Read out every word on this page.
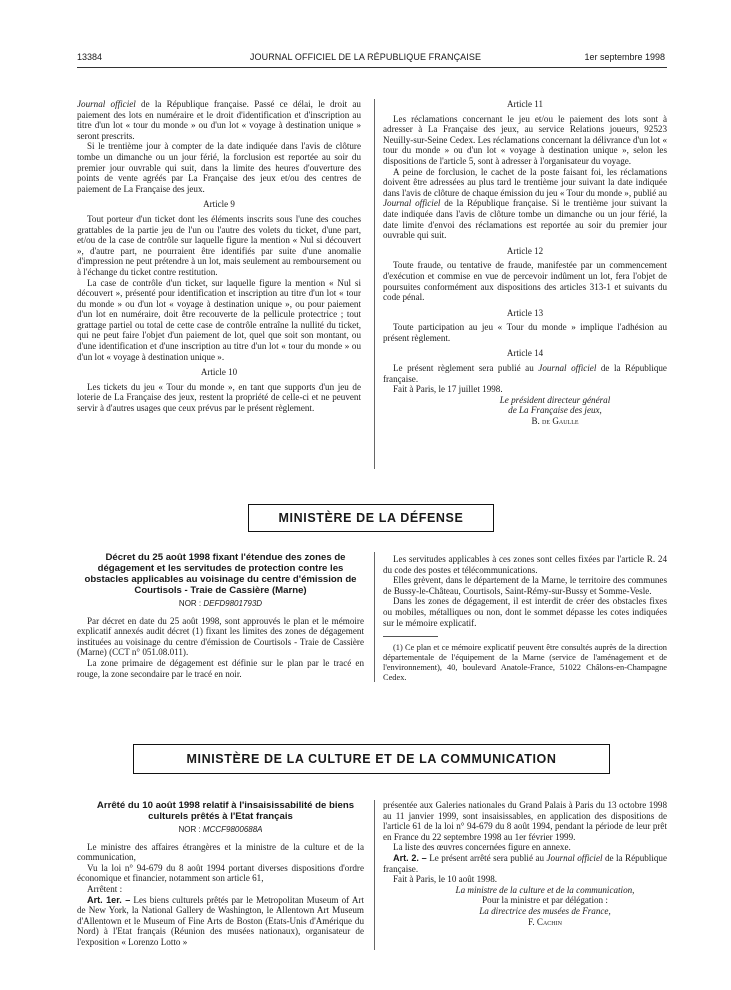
13384	JOURNAL OFFICIEL DE LA RÉPUBLIQUE FRANÇAISE	1er septembre 1998

Journal officiel de la République française. Passé ce délai, le droit au paiement des lots en numéraire et le droit d'identification et d'inscription au titre d'un lot « tour du monde » ou d'un lot « voyage à destination unique » seront prescrits.

Si le trentième jour à compter de la date indiquée dans l'avis de clôture tombe un dimanche ou un jour férié, la forclusion est reportée au soir du premier jour ouvrable qui suit, dans la limite des heures d'ouverture des points de vente agréés par La Française des jeux et/ou des centres de paiement de La Française des jeux.

Article 9

Tout porteur d'un ticket dont les éléments inscrits sous l'une des couches grattables de la partie jeu de l'un ou l'autre des volets du ticket, d'une part, et/ou de la case de contrôle sur laquelle figure la mention « Nul si découvert », d'autre part, ne pourraient être identifiés par suite d'une anomalie d'impression ne peut prétendre à un lot, mais seulement au remboursement ou à l'échange du ticket contre restitution.

La case de contrôle d'un ticket, sur laquelle figure la mention « Nul si découvert », présenté pour identification et inscription au titre d'un lot « tour du monde » ou d'un lot « voyage à destination unique », ou pour paiement d'un lot en numéraire, doit être recouverte de la pellicule protectrice ; tout grattage partiel ou total de cette case de contrôle entraîne la nullité du ticket, qui ne peut faire l'objet d'un paiement de lot, quel que soit son montant, ou d'une identification et d'une inscription au titre d'un lot « tour du monde » ou d'un lot « voyage à destination unique ».

Article 10

Les tickets du jeu « Tour du monde », en tant que supports d'un jeu de loterie de La Française des jeux, restent la propriété de celle-ci et ne peuvent servir à d'autres usages que ceux prévus par le présent règlement.

Article 11

Les réclamations concernant le jeu et/ou le paiement des lots sont à adresser à La Française des jeux, au service Relations joueurs, 92523 Neuilly-sur-Seine Cedex. Les réclamations concernant la délivrance d'un lot « tour du monde » ou d'un lot « voyage à destination unique », selon les dispositions de l'article 5, sont à adresser à l'organisateur du voyage.

A peine de forclusion, le cachet de la poste faisant foi, les réclamations doivent être adressées au plus tard le trentième jour suivant la date indiquée dans l'avis de clôture de chaque émission du jeu « Tour du monde », publié au Journal officiel de la République française. Si le trentième jour suivant la date indiquée dans l'avis de clôture tombe un dimanche ou un jour férié, la date limite d'envoi des réclamations est reportée au soir du premier jour ouvrable qui suit.

Article 12

Toute fraude, ou tentative de fraude, manifestée par un commencement d'exécution et commise en vue de percevoir indûment un lot, fera l'objet de poursuites conformément aux dispositions des articles 313-1 et suivants du code pénal.

Article 13

Toute participation au jeu « Tour du monde » implique l'adhésion au présent règlement.

Article 14

Le présent règlement sera publié au Journal officiel de la République française.

Fait à Paris, le 17 juillet 1998.

Le président directeur général
de La Française des jeux,
B. de Gaulle
MINISTÈRE DE LA DÉFENSE

Décret du 25 août 1998 fixant l'étendue des zones de dégagement et les servitudes de protection contre les obstacles applicables au voisinage du centre d'émission de Courtisols - Traie de Cassière (Marne)

NOR : DEFD9801793D

Par décret en date du 25 août 1998, sont approuvés le plan et le mémoire explicatif annexés audit décret (1) fixant les limites des zones de dégagement instituées au voisinage du centre d'émission de Courtisols - Traie de Cassière (Marne) (CCT n° 051.08.011).

La zone primaire de dégagement est définie sur le plan par le tracé en rouge, la zone secondaire par le tracé en noir.

Les servitudes applicables à ces zones sont celles fixées par l'article R. 24 du code des postes et télécommunications.

Elles grèvent, dans le département de la Marne, le territoire des communes de Bussy-le-Château, Courtisols, Saint-Rémy-sur-Bussy et Somme-Vesle.

Dans les zones de dégagement, il est interdit de créer des obstacles fixes ou mobiles, métalliques ou non, dont le sommet dépasse les cotes indiquées sur le mémoire explicatif.

(1) Ce plan et ce mémoire explicatif peuvent être consultés auprès de la direction départementale de l'équipement de la Marne (service de l'aménagement et de l'environnement), 40, boulevard Anatole-France, 51022 Châlons-en-Champagne Cedex.

MINISTÈRE DE LA CULTURE ET DE LA COMMUNICATION

Arrêté du 10 août 1998 relatif à l'insaisissabilité de biens culturels prêtés à l'Etat français

NOR : MCCF9800688A

Le ministre des affaires étrangères et la ministre de la culture et de la communication,

Vu la loi n° 94-679 du 8 août 1994 portant diverses dispositions d'ordre économique et financier, notamment son article 61,

Arrêtent :

Art. 1er. – Les biens culturels prêtés par le Metropolitan Museum of Art de New York, la National Gallery de Washington, le Allentown Art Museum d'Allentown et le Museum of Fine Arts de Boston (Etats-Unis d'Amérique du Nord) à l'Etat français (Réunion des musées nationaux), organisateur de l'exposition « Lorenzo Lotto »

présentée aux Galeries nationales du Grand Palais à Paris du 13 octobre 1998 au 11 janvier 1999, sont insaisissables, en application des dispositions de l'article 61 de la loi n° 94-679 du 8 août 1994, pendant la période de leur prêt en France du 22 septembre 1998 au 1er février 1999.

La liste des œuvres concernées figure en annexe.

Art. 2. – Le présent arrêté sera publié au Journal officiel de la République française.

Fait à Paris, le 10 août 1998.

La ministre de la culture et de la communication,
Pour la ministre et par délégation :
La directrice des musées de France,
F. Cachin
